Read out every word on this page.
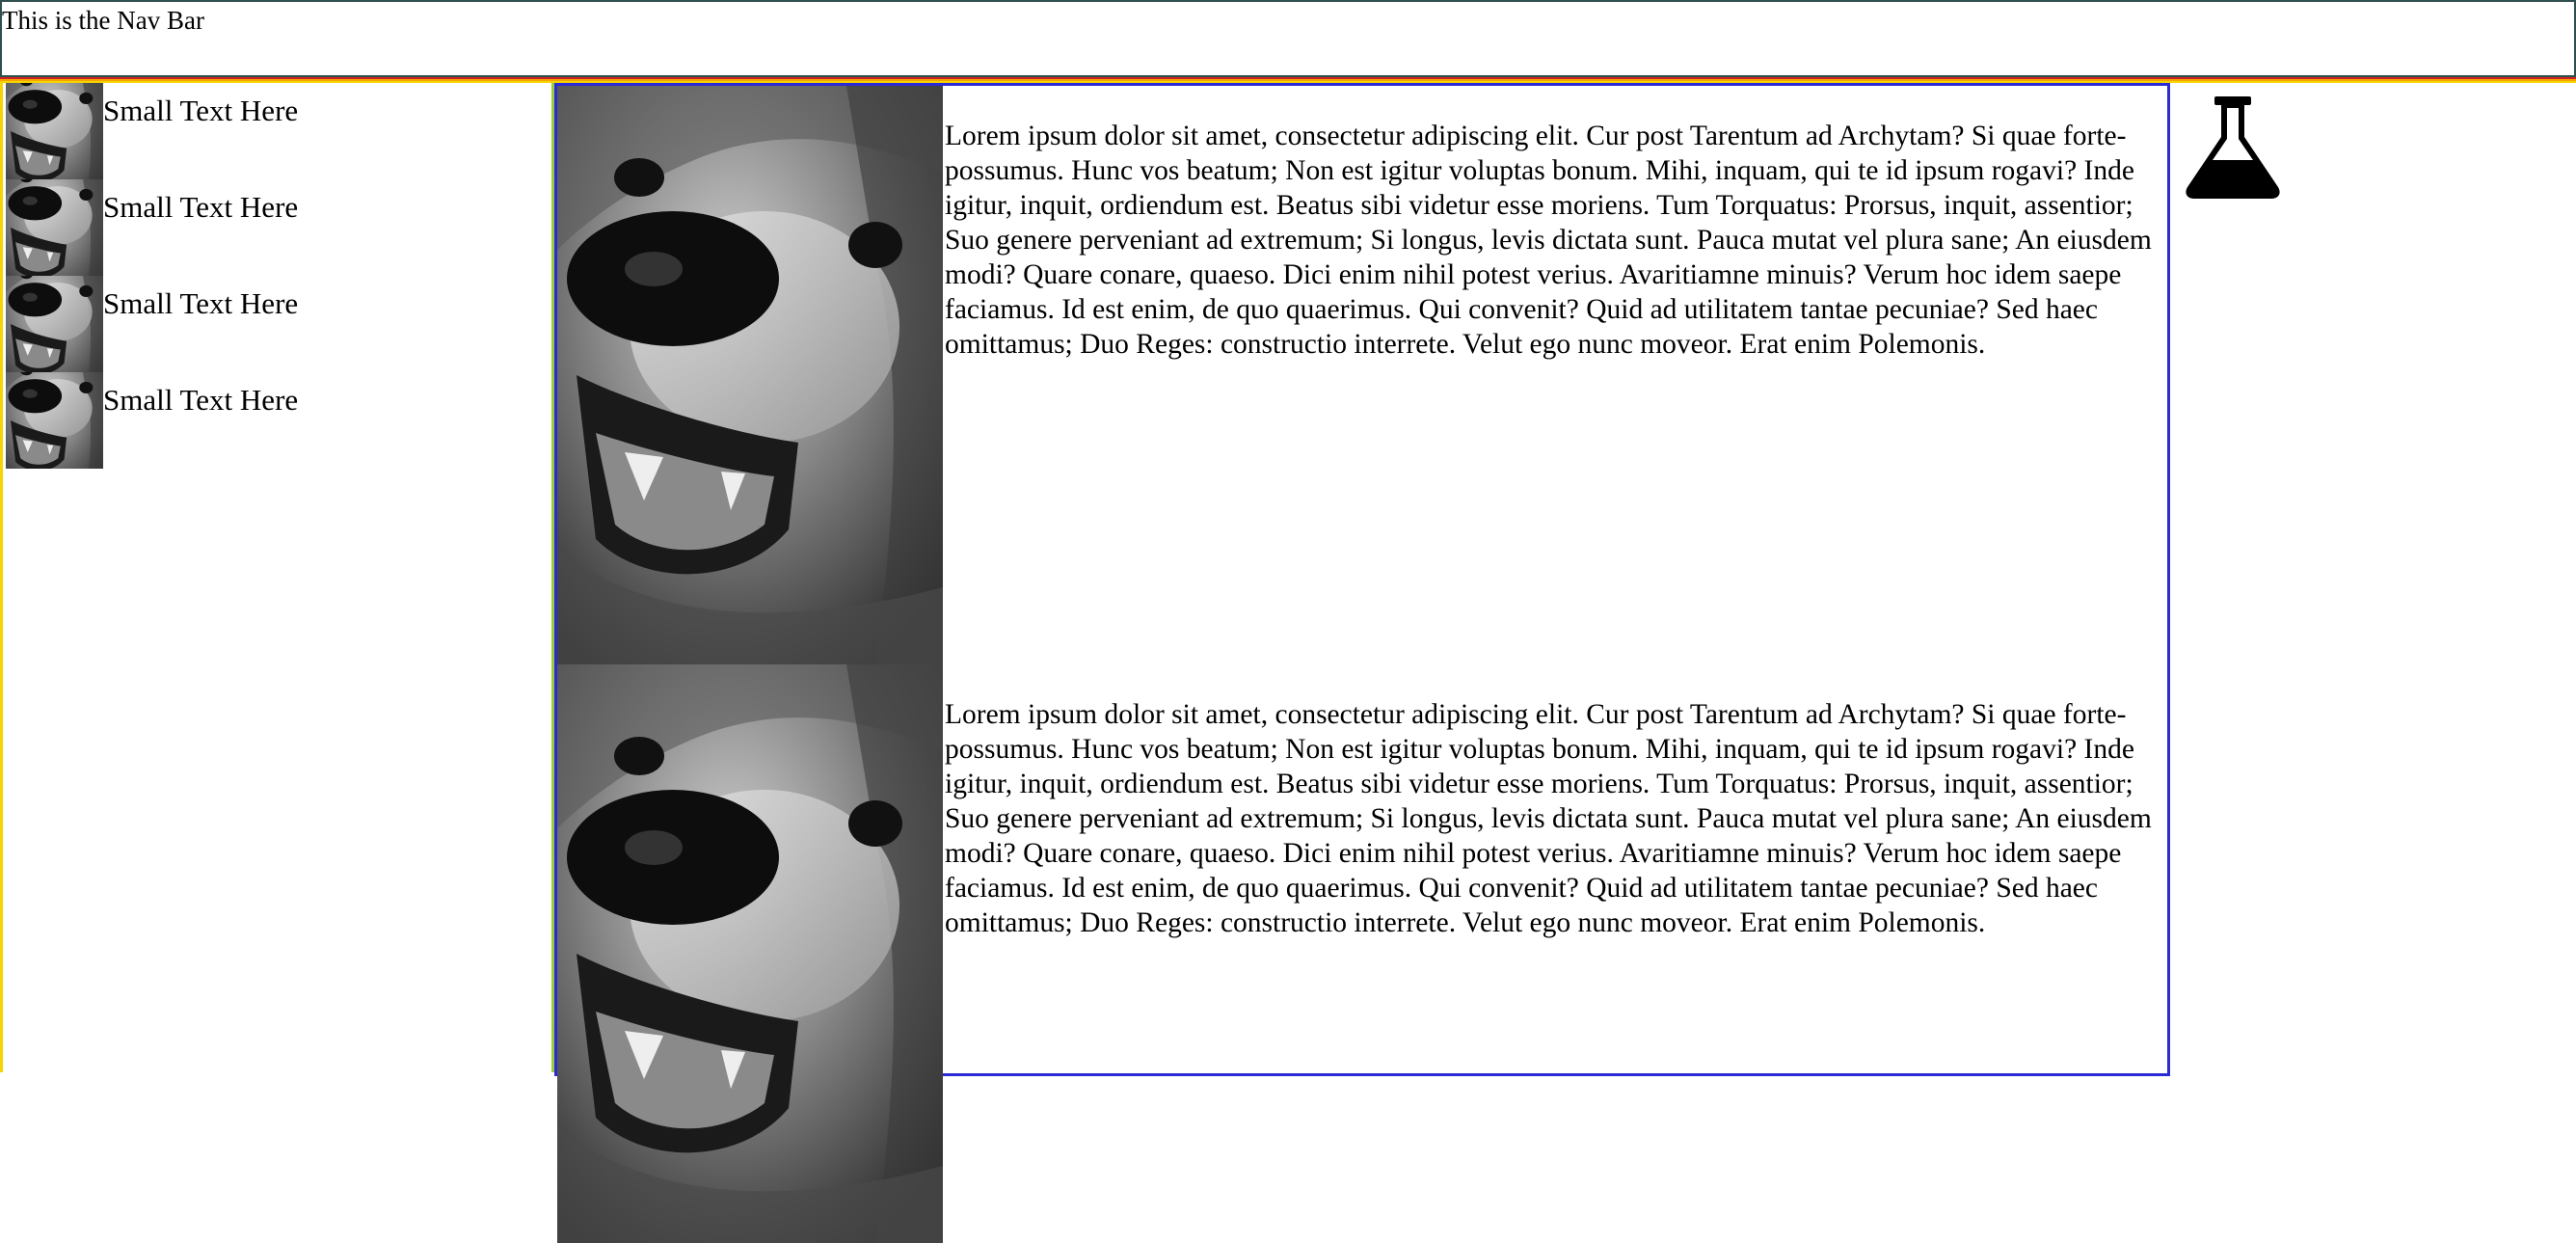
This is the Nav Bar
Small Text Here
Small Text Here
Small Text Here
Small Text Here
Lorem ipsum dolor sit amet, consectetur adipiscing elit. Cur post Tarentum ad Archytam? Si quae forte-possumus. Hunc vos beatum; Non est igitur voluptas bonum. Mihi, inquam, qui te id ipsum rogavi? Inde igitur, inquit, ordiendum est. Beatus sibi videtur esse moriens. Tum Torquatus: Prorsus, inquit, assentior; Suo genere perveniant ad extremum; Si longus, levis dictata sunt. Pauca mutat vel plura sane; An eiusdem modi? Quare conare, quaeso. Dici enim nihil potest verius. Avaritiamne minuis? Verum hoc idem saepe faciamus. Id est enim, de quo quaerimus. Qui convenit? Quid ad utilitatem tantae pecuniae? Sed haec omittamus; Duo Reges: constructio interrete. Velut ego nunc moveor. Erat enim Polemonis.
Lorem ipsum dolor sit amet, consectetur adipiscing elit. Cur post Tarentum ad Archytam? Si quae forte-possumus. Hunc vos beatum; Non est igitur voluptas bonum. Mihi, inquam, qui te id ipsum rogavi? Inde igitur, inquit, ordiendum est. Beatus sibi videtur esse moriens. Tum Torquatus: Prorsus, inquit, assentior; Suo genere perveniant ad extremum; Si longus, levis dictata sunt. Pauca mutat vel plura sane; An eiusdem modi? Quare conare, quaeso. Dici enim nihil potest verius. Avaritiamne minuis? Verum hoc idem saepe faciamus. Id est enim, de quo quaerimus. Qui convenit? Quid ad utilitatem tantae pecuniae? Sed haec omittamus; Duo Reges: constructio interrete. Velut ego nunc moveor. Erat enim Polemonis.
